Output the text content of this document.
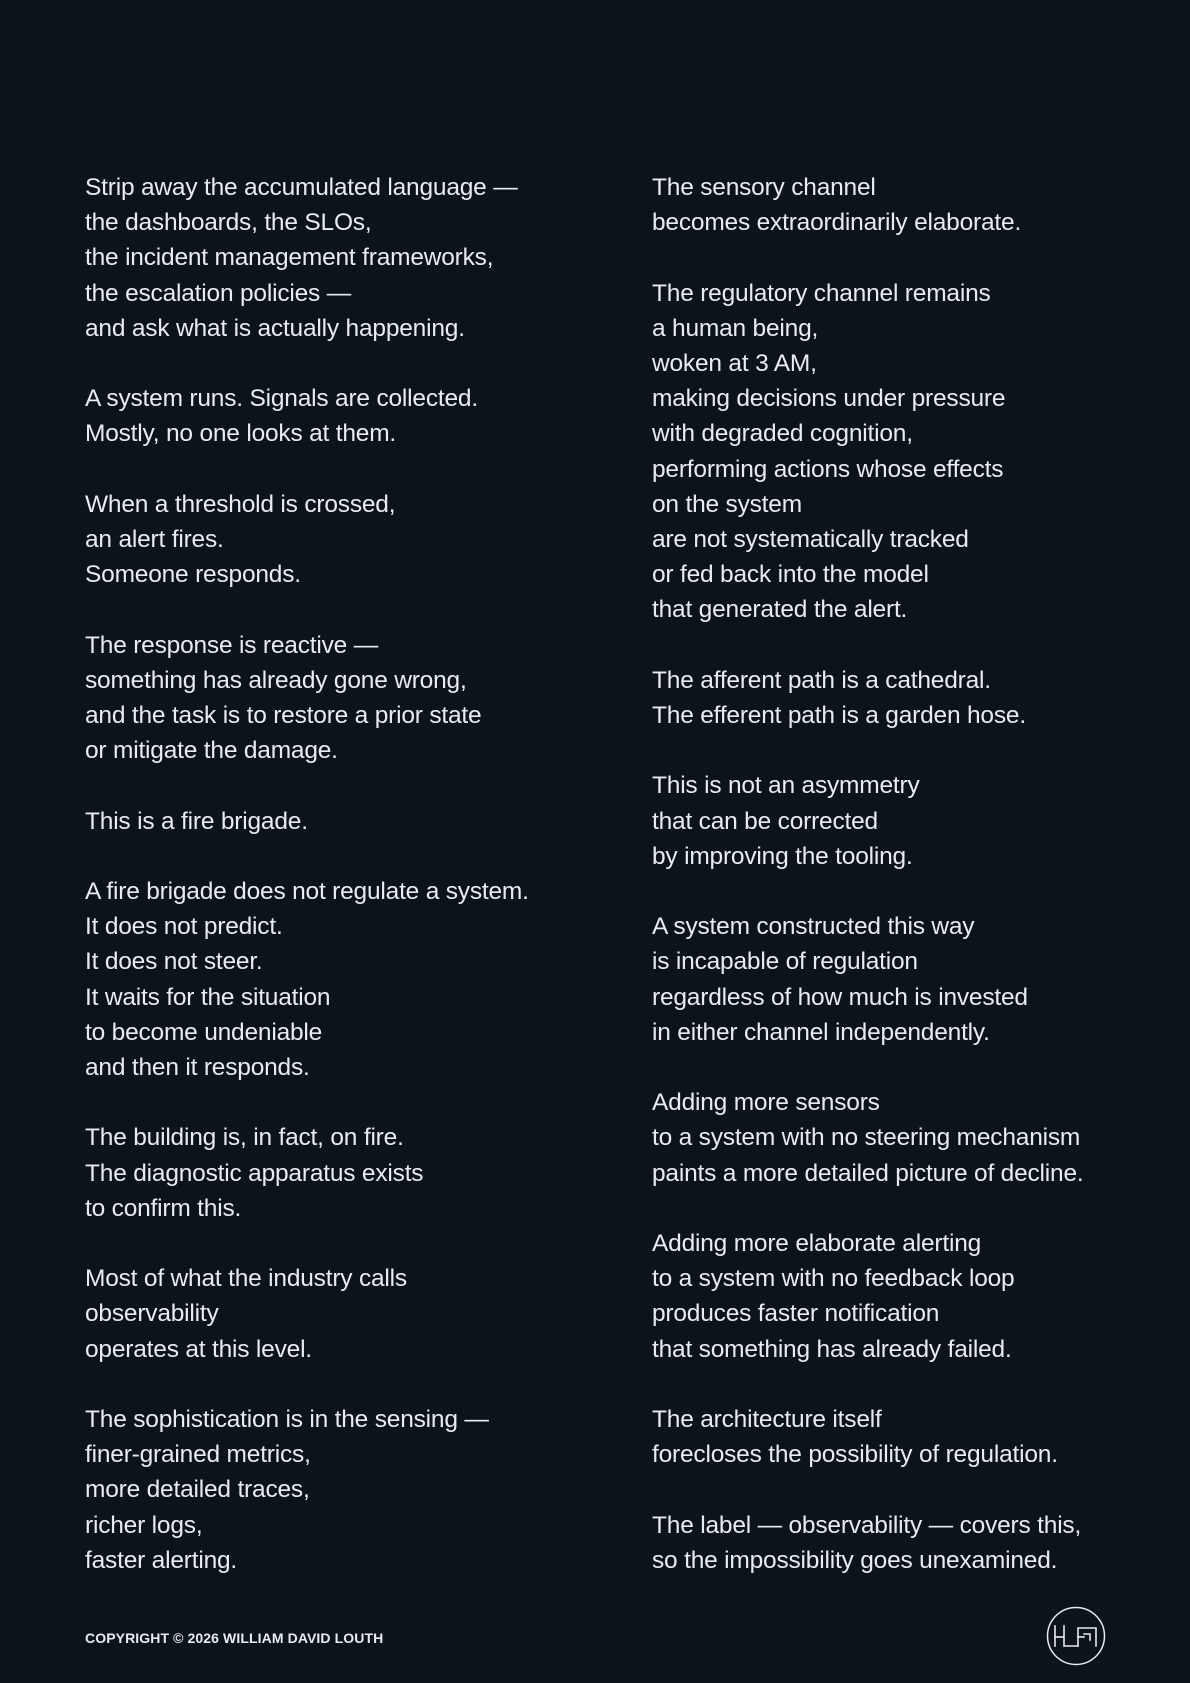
Strip away the accumulated language —
the dashboards, the SLOs,
the incident management frameworks,
the escalation policies —
and ask what is actually happening.
A system runs. Signals are collected.
Mostly, no one looks at them.
When a threshold is crossed,
an alert fires.
Someone responds.
The response is reactive —
something has already gone wrong,
and the task is to restore a prior state
or mitigate the damage.
This is a fire brigade.
A fire brigade does not regulate a system.
It does not predict.
It does not steer.
It waits for the situation
to become undeniable
and then it responds.
The building is, in fact, on fire.
The diagnostic apparatus exists
to confirm this.
Most of what the industry calls
observability
operates at this level.
The sophistication is in the sensing —
finer-grained metrics,
more detailed traces,
richer logs,
faster alerting.
The sensory channel
becomes extraordinarily elaborate.
The regulatory channel remains
a human being,
woken at 3 AM,
making decisions under pressure
with degraded cognition,
performing actions whose effects
on the system
are not systematically tracked
or fed back into the model
that generated the alert.
The afferent path is a cathedral.
The efferent path is a garden hose.
This is not an asymmetry
that can be corrected
by improving the tooling.
A system constructed this way
is incapable of regulation
regardless of how much is invested
in either channel independently.
Adding more sensors
to a system with no steering mechanism
paints a more detailed picture of decline.
Adding more elaborate alerting
to a system with no feedback loop
produces faster notification
that something has already failed.
The architecture itself
forecloses the possibility of regulation.
The label — observability — covers this,
so the impossibility goes unexamined.
COPYRIGHT © 2026 WILLIAM DAVID LOUTH
